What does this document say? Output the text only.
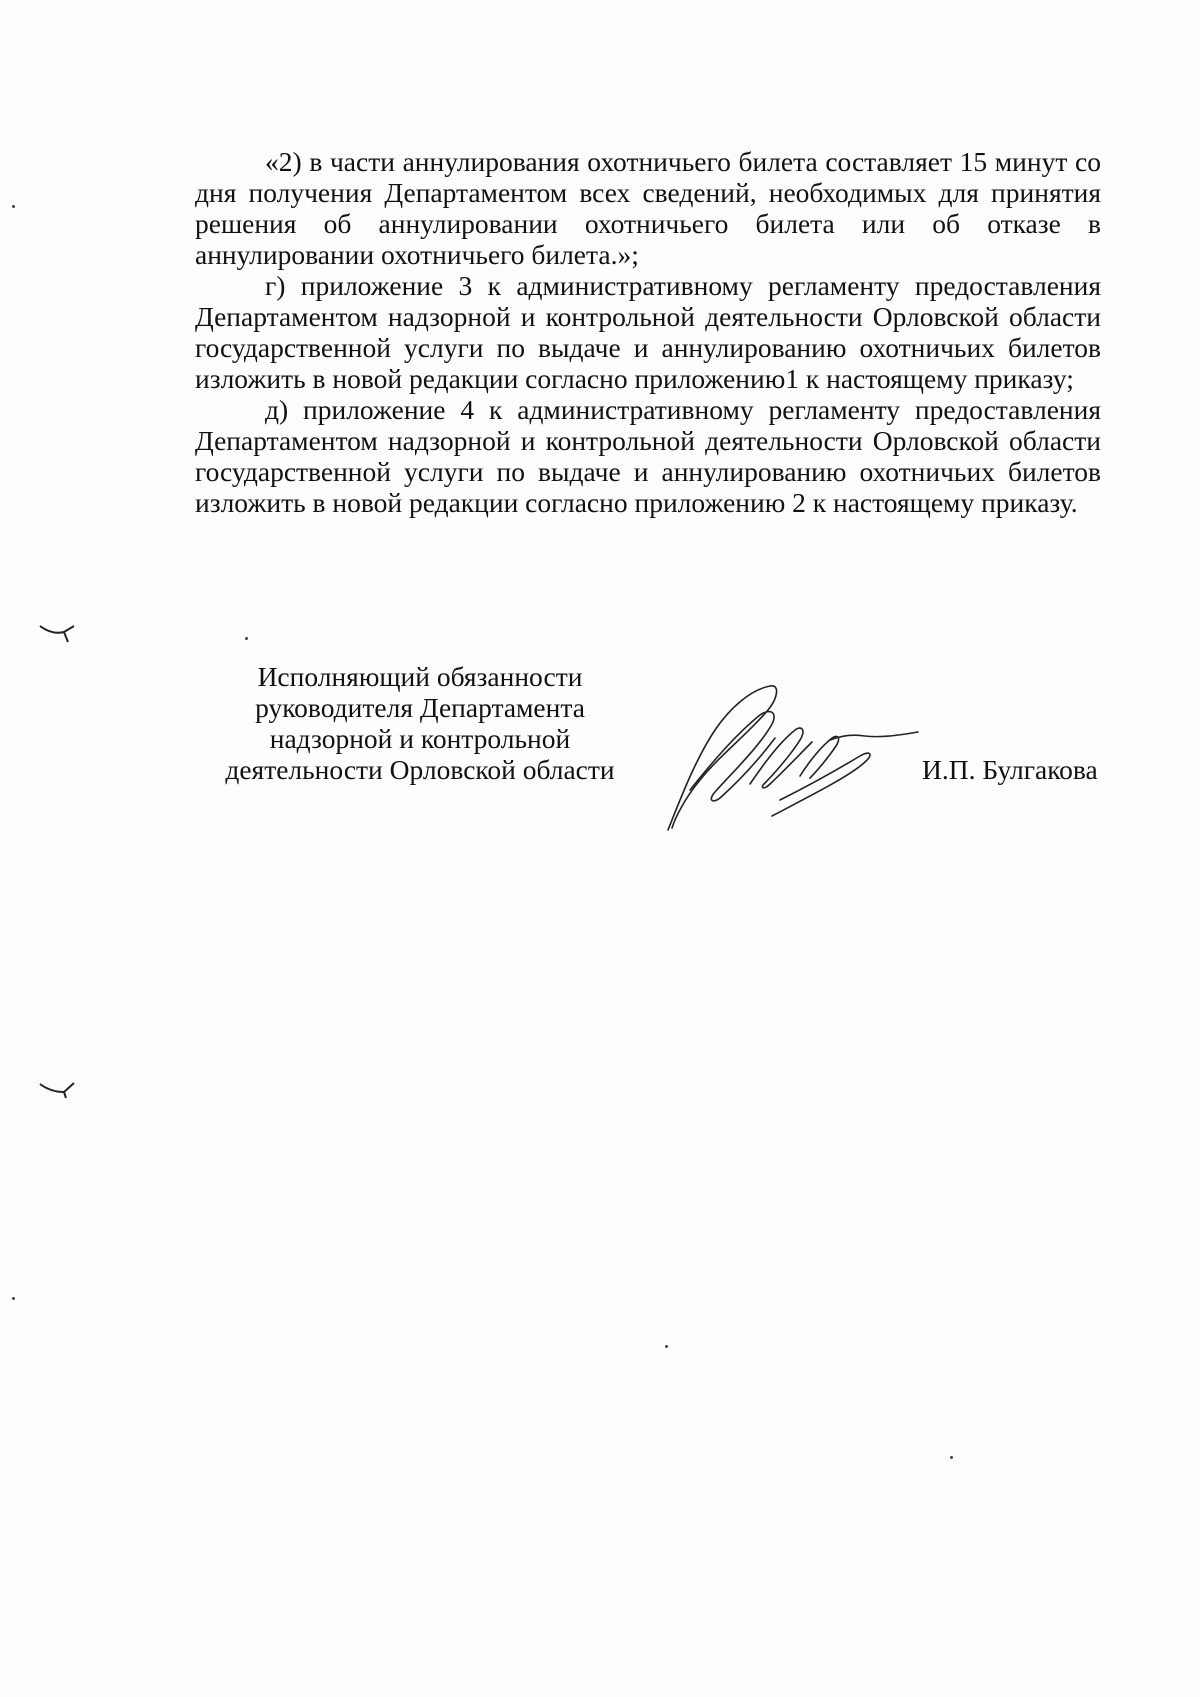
«2) в части аннулирования охотничьего билета составляет 15 минут со дня получения Департаментом всех сведений, необходимых для принятия решения об аннулировании охотничьего билета или об отказе в аннулировании охотничьего билета.»;

г) приложение 3 к административному регламенту предоставления Департаментом надзорной и контрольной деятельности Орловской области государственной услуги по выдаче и аннулированию охотничьих билетов изложить в новой редакции согласно приложению1 к настоящему приказу;

д) приложение 4 к административному регламенту предоставления Департаментом надзорной и контрольной деятельности Орловской области государственной услуги по выдаче и аннулированию охотничьих билетов изложить в новой редакции согласно приложению 2 к настоящему приказу.

Исполняющий обязанности
руководителя Департамента
надзорной и контрольной
деятельности Орловской области	И.П. Булгакова
